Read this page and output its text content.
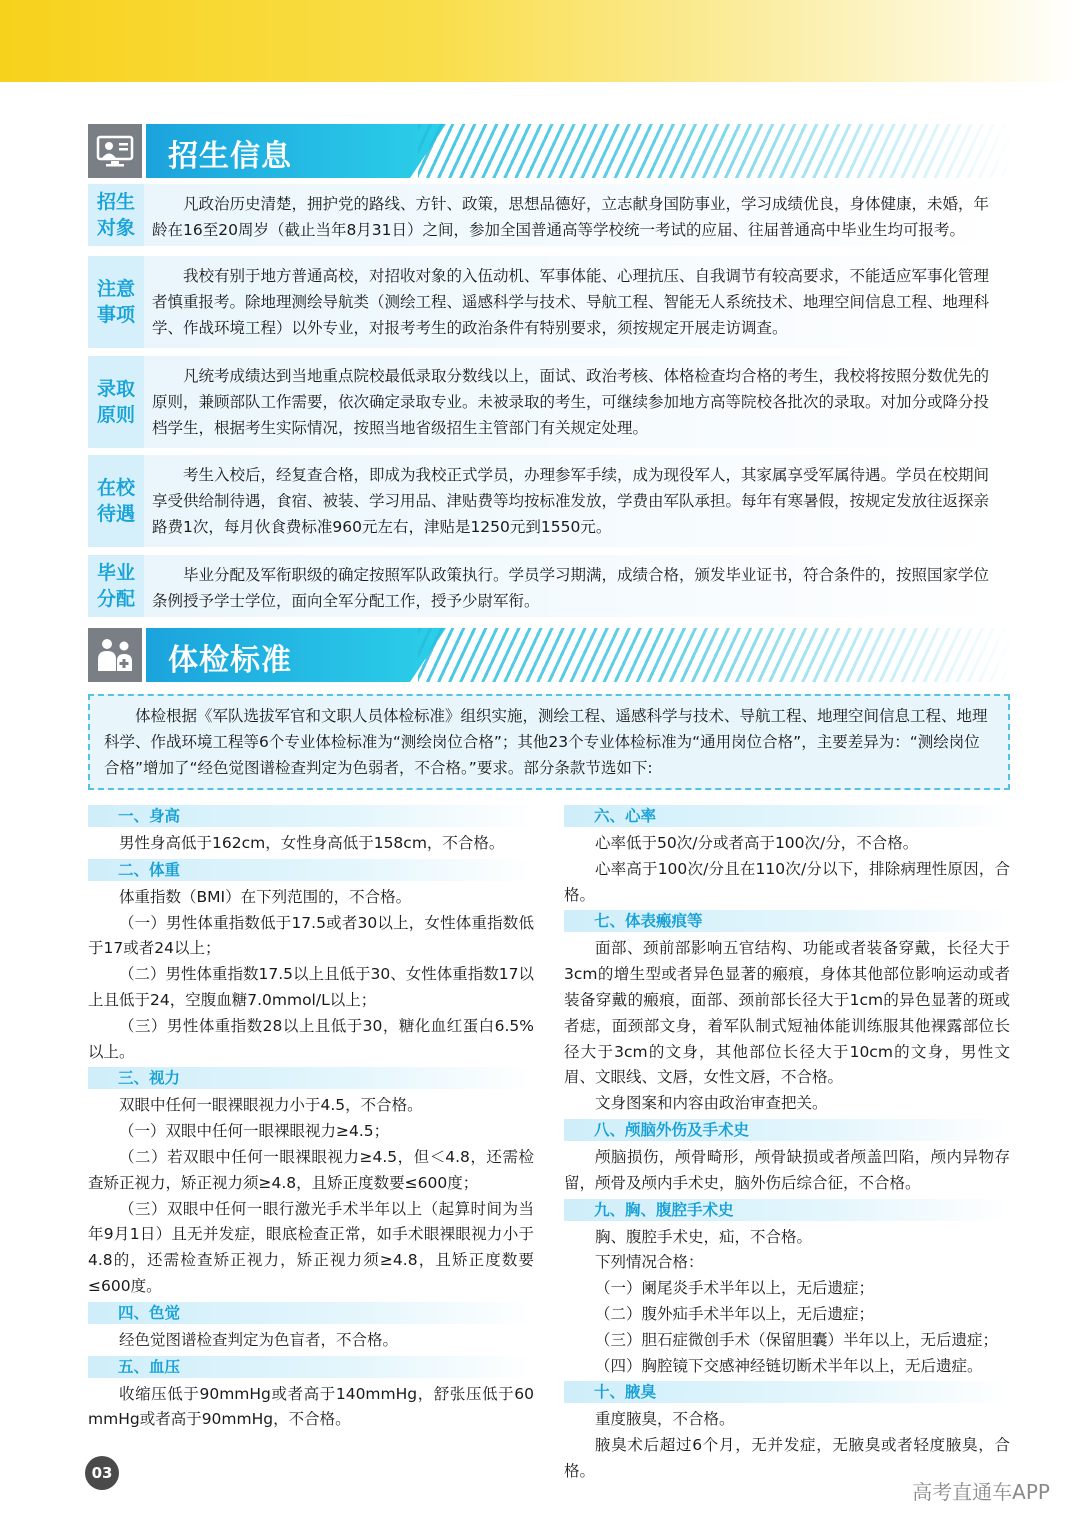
招生信息
招生
对象
凡政治历史清楚，拥护党的路线、方针、政策，思想品德好，立志献身国防事业，学习成绩优良，身体健康，未婚，年龄在16至20周岁（截止当年8月31日）之间，参加全国普通高等学校统一考试的应届、往届普通高中毕业生均可报考。
注意
事项
我校有别于地方普通高校，对招收对象的入伍动机、军事体能、心理抗压、自我调节有较高要求，不能适应军事化管理者慎重报考。除地理测绘导航类（测绘工程、遥感科学与技术、导航工程、智能无人系统技术、地理空间信息工程、地理科学、作战环境工程）以外专业，对报考考生的政治条件有特别要求，须按规定开展走访调查。
录取
原则
凡统考成绩达到当地重点院校最低录取分数线以上，面试、政治考核、体格检查均合格的考生，我校将按照分数优先的原则，兼顾部队工作需要，依次确定录取专业。未被录取的考生，可继续参加地方高等院校各批次的录取。对加分或降分投档学生，根据考生实际情况，按照当地省级招生主管部门有关规定处理。
在校
待遇
考生入校后，经复查合格，即成为我校正式学员，办理参军手续，成为现役军人，其家属享受军属待遇。学员在校期间享受供给制待遇，食宿、被装、学习用品、津贴费等均按标准发放，学费由军队承担。每年有寒暑假，按规定发放往返探亲路费1次，每月伙食费标准960元左右，津贴是1250元到1550元。
毕业
分配
毕业分配及军衔职级的确定按照军队政策执行。学员学习期满，成绩合格，颁发毕业证书，符合条件的，按照国家学位条例授予学士学位，面向全军分配工作，授予少尉军衔。
体检标准
体检根据《军队选拔军官和文职人员体检标准》组织实施，测绘工程、遥感科学与技术、导航工程、地理空间信息工程、地理科学、作战环境工程等6个专业体检标准为“测绘岗位合格”；其他23个专业体检标准为“通用岗位合格”，主要差异为：“测绘岗位合格”增加了“经色觉图谱检查判定为色弱者，不合格。”要求。部分条款节选如下:
一、身高
男性身高低于162cm，女性身高低于158cm，不合格。
二、体重
体重指数（BMI）在下列范围的，不合格。
（一）男性体重指数低于17.5或者30以上，女性体重指数低于17或者24以上；
（二）男性体重指数17.5以上且低于30、女性体重指数17以上且低于24，空腹血糖7.0mmol/L以上；
（三）男性体重指数28以上且低于30，糖化血红蛋白6.5%以上。
三、视力
双眼中任何一眼裸眼视力小于4.5，不合格。
（一）双眼中任何一眼裸眼视力≥4.5；
（二）若双眼中任何一眼裸眼视力≥4.5，但＜4.8，还需检查矫正视力，矫正视力须≥4.8，且矫正度数要≤600度；
（三）双眼中任何一眼行激光手术半年以上（起算时间为当年9月1日）且无并发症，眼底检查正常，如手术眼裸眼视力小于4.8的，还需检查矫正视力，矫正视力须≥4.8，且矫正度数要≤600度。
四、色觉
经色觉图谱检查判定为色盲者，不合格。
五、血压
收缩压低于90mmHg或者高于140mmHg，舒张压低于60 mmHg或者高于90mmHg，不合格。
六、心率
心率低于50次/分或者高于100次/分，不合格。
心率高于100次/分且在110次/分以下，排除病理性原因，合格。
七、体表瘢痕等
面部、颈前部影响五官结构、功能或者装备穿戴，长径大于3cm的增生型或者异色显著的瘢痕，身体其他部位影响运动或者装备穿戴的瘢痕，面部、颈前部长径大于1cm的异色显著的斑或者痣，面颈部文身，着军队制式短袖体能训练服其他裸露部位长径大于3cm的文身，其他部位长径大于10cm的文身，男性文眉、文眼线、文唇，女性文唇，不合格。
文身图案和内容由政治审查把关。
八、颅脑外伤及手术史
颅脑损伤，颅骨畸形，颅骨缺损或者颅盖凹陷，颅内异物存留，颅骨及颅内手术史，脑外伤后综合征，不合格。
九、胸、腹腔手术史
胸、腹腔手术史，疝，不合格。
下列情况合格：
（一）阑尾炎手术半年以上，无后遗症；
（二）腹外疝手术半年以上，无后遗症；
（三）胆石症微创手术（保留胆囊）半年以上，无后遗症；
（四）胸腔镜下交感神经链切断术半年以上，无后遗症。
十、腋臭
重度腋臭，不合格。
腋臭术后超过6个月，无并发症，无腋臭或者轻度腋臭，合格。
03
高考直通车APP
